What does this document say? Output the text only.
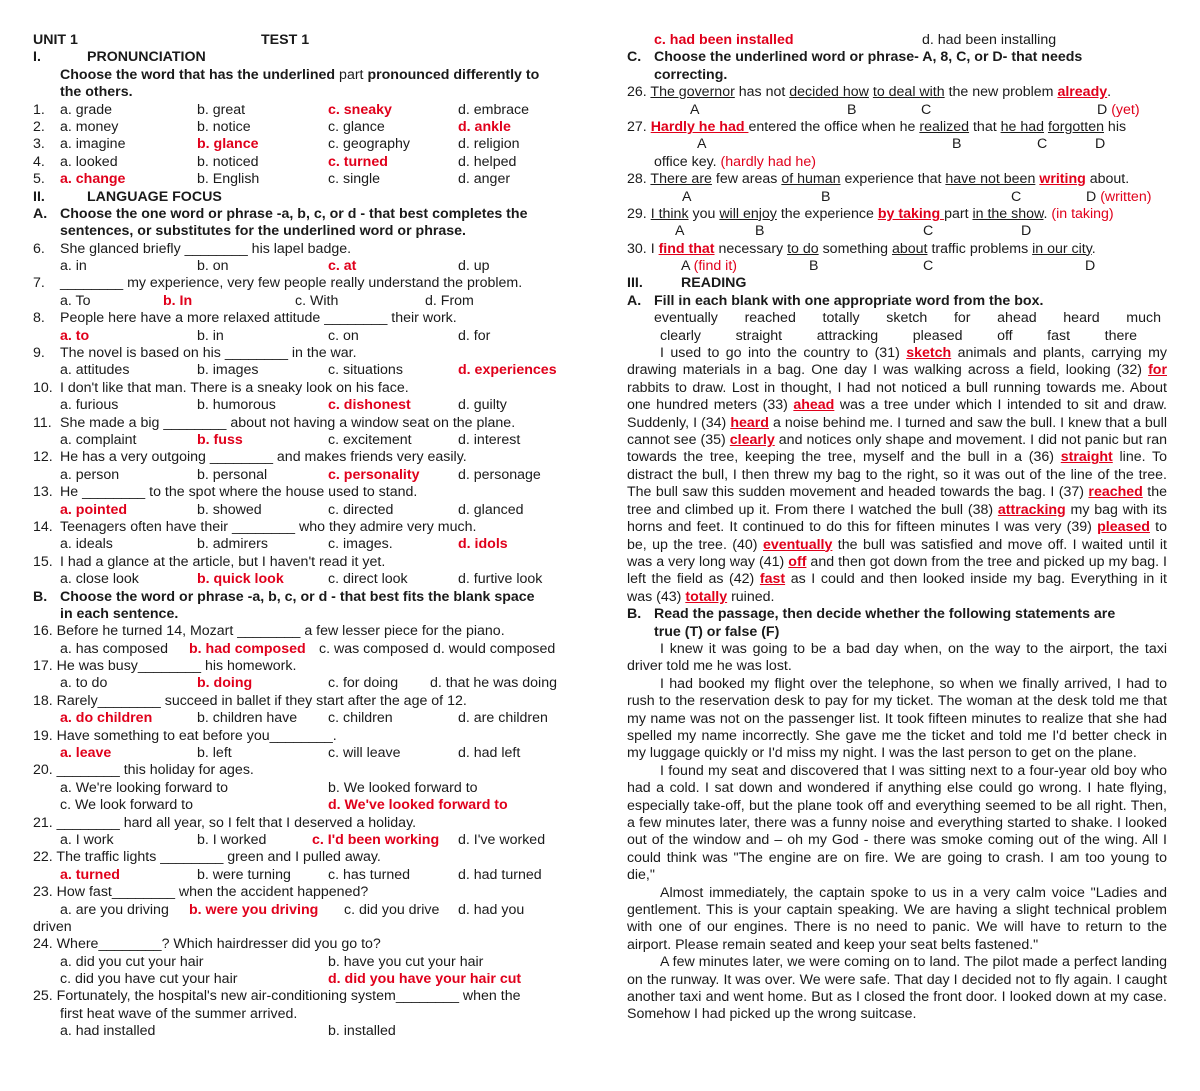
UNIT 1	TEST 1
I.	PRONUNCIATION
Choose the word that has the underlined part pronounced differently to
the others.
1. a. grade	b. great	c. sneaky	d. embrace
2. a. money	b. notice	c. glance	d. ankle
3. a. imagine	b. glance	c. geography	d. religion
4. a. looked	b. noticed	c. turned	d. helped
5. a. change	b. English	c. single	d. anger
II.	LANGUAGE FOCUS
A. Choose the one word or phrase -a, b, c, or d - that best completes the
sentences, or substitutes for the underlined word or phrase.
6. She glanced briefly ________ his lapel badge.
a. in	b. on	c. at	d. up
7. ________ my experience, very few people really understand the problem.
a. To	b. In	c. With	d. From
8. People here have a more relaxed attitude ________ their work.
a. to	b. in	c. on	d. for
9. The novel is based on his ________ in the war.
a. attitudes	b. images	c. situations	d. experiences
10. I don't like that man. There is a sneaky look on his face.
a. furious	b. humorous	c. dishonest	d. guilty
11. She made a big ________ about not having a window seat on the plane.
a. complaint	b. fuss	c. excitement	d. interest
12. He has a very outgoing ________ and makes friends very easily.
a. person	b. personal	c. personality	d. personage
13. He ________ to the spot where the house used to stand.
a. pointed	b. showed	c. directed	d. glanced
14. Teenagers often have their ________ who they admire very much.
a. ideals	b. admirers	c. images.	d. idols
15. I had a glance at the article, but I haven't read it yet.
a. close look	b. quick look	c. direct look	d. furtive look
B. Choose the word or phrase -a, b, c, or d - that best fits the blank space
in each sentence.
16. Before he turned 14, Mozart ________ a few lesser piece for the piano.
a. has composed b. had composed c. was composed d. would composed
17. He was busy________ his homework.
a. to do	b. doing	c. for doing d. that he was doing
18. Rarely________ succeed in ballet if they start after the age of 12.
a. do children	b. children have c. children	d. are children
19. Have something to eat before you________.
a. leave	b. left	c. will leave	d. had left
20. ________ this holiday for ages.
a. We're looking forward to	b. We looked forward to
c. We look forward to	d. We've looked forward to
21. ________ hard all year, so I felt that I deserved a holiday.
a. I work	b. I worked	c. I'd been working d. I've worked
22. The traffic lights ________ green and I pulled away.
a. turned	b. were turning	c. has turned	d. had turned
23. How fast________ when the accident happened?
a. are you driving b. were you driving c. did you drive d. had you
driven
24. Where________? Which hairdresser did you go to?
a. did you cut your hair	b. have you cut your hair
c. did you have cut your hair	d. did you have your hair cut
25. Fortunately, the hospital's new air-conditioning system________ when the
first heat wave of the summer arrived.
a. had installed	b. installed
c. had been installed	d. had been installing
C. Choose the underlined word or phrase- A, 8, C, or D- that needs
correcting.
26. The governor has not decided how to deal with the new problem already.
A	B	C	D (yet)
27. Hardly he had entered the office when he realized that he had forgotten his
A	B	C	D
office key. (hardly had he)
28. There are few areas of human experience that have not been writing about.
A	B	C	D (written)
29. I think you will enjoy the experience by taking part in the show. (in taking)
A	B	C	D
30. I find that necessary to do something about traffic problems in our city.
A (find it)	B	C	D
III.	READING
A. Fill in each blank with one appropriate word from the box.
eventually reached totally sketch for ahead heard much
clearly straight attracking pleased off fast there
I used to go into the country to (31) sketch animals and plants, carrying my drawing materials in a bag. One day I was walking across a field, looking (32) for rabbits to draw. Lost in thought, I had not noticed a bull running towards me. About one hundred meters (33) ahead was a tree under which I intended to sit and draw. Suddenly, I (34) heard a noise behind me. I turned and saw the bull. I knew that a bull cannot see (35) clearly and notices only shape and movement. I did not panic but ran towards the tree, keeping the tree, myself and the bull in a (36) straight line. To distract the bull, I then threw my bag to the right, so it was out of the line of the tree. The bull saw this sudden movement and headed towards the bag. I (37) reached the tree and climbed up it. From there I watched the bull (38) attracking my bag with its horns and feet. It continued to do this for fifteen minutes I was very (39) pleased to be, up the tree. (40) eventually the bull was satisfied and move off. I waited until it was a very long way (41) off and then got down from the tree and picked up my bag. I left the field as (42) fast as I could and then looked inside my bag. Everything in it was (43) totally ruined.
B. Read the passage, then decide whether the following statements are
true (T) or false (F)
I knew it was going to be a bad day when, on the way to the airport, the taxi driver told me he was lost.
I had booked my flight over the telephone, so when we finally arrived, I had to rush to the reservation desk to pay for my ticket. The woman at the desk told me that my name was not on the passenger list. It took fifteen minutes to realize that she had spelled my name incorrectly. She gave me the ticket and told me I'd better check in my luggage quickly or I'd miss my night. I was the last person to get on the plane.
I found my seat and discovered that I was sitting next to a four-year old boy who had a cold. I sat down and wondered if anything else could go wrong. I hate flying, especially take-off, but the plane took off and everything seemed to be all right. Then, a few minutes later, there was a funny noise and everything started to shake. I looked out of the window and – oh my God - there was smoke coming out of the wing. All I could think was "The engine are on fire. We are going to crash. I am too young to die,"
Almost immediately, the captain spoke to us in a very calm voice "Ladies and gentlement. This is your captain speaking. We are having a slight technical problem with one of our engines. There is no need to panic. We will have to return to the airport. Please remain seated and keep your seat belts fastened."
A few minutes later, we were coming on to land. The pilot made a perfect landing on the runway. It was over. We were safe. That day I decided not to fly again. I caught another taxi and went home. But as I closed the front door. I looked down at my case. Somehow I had picked up the wrong suitcase.
